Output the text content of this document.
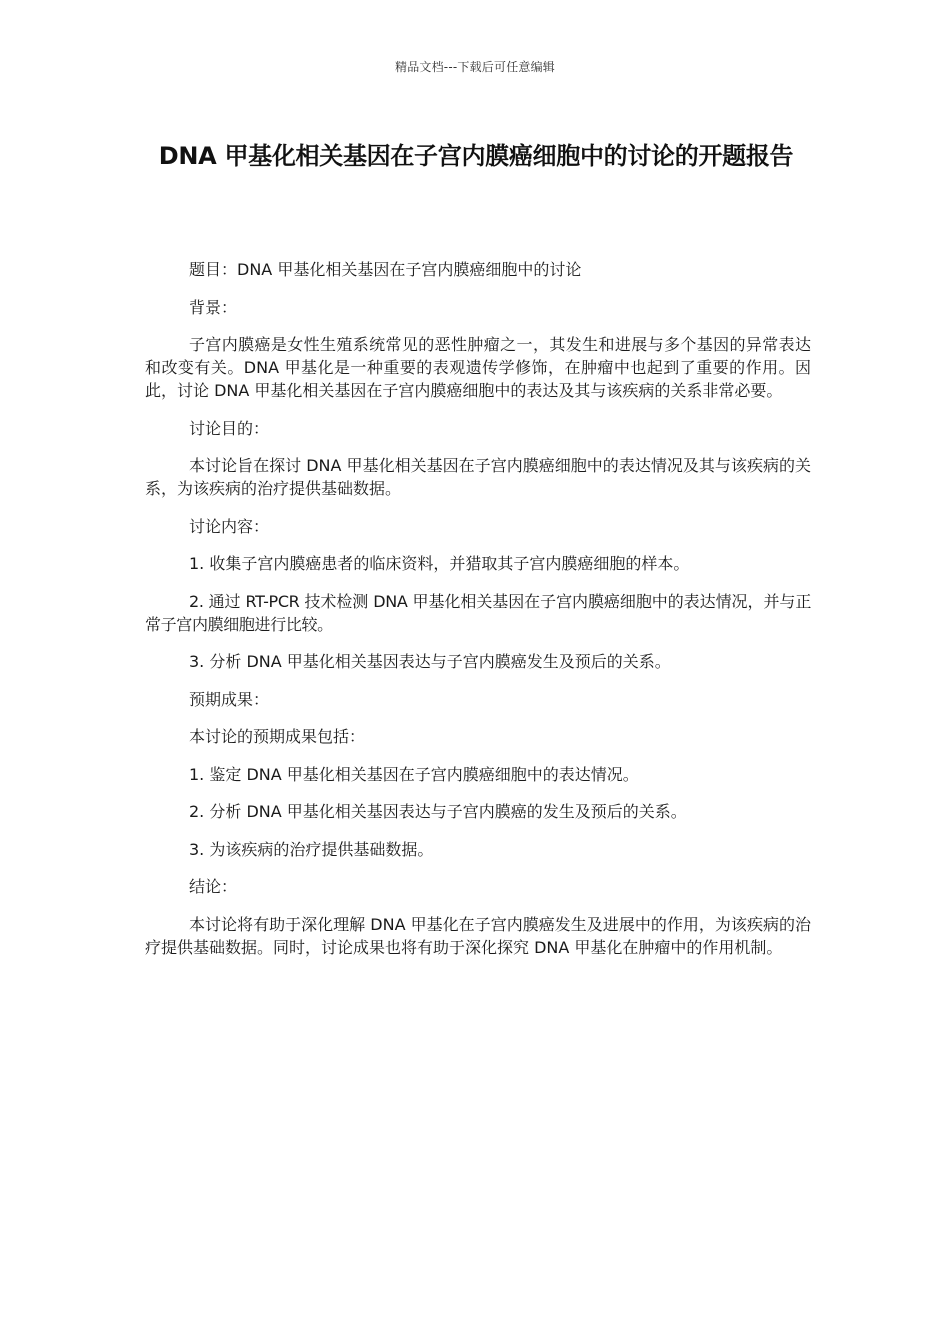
精品文档---下载后可任意编辑
DNA 甲基化相关基因在子宫内膜癌细胞中的讨论的开题报告

题目：DNA 甲基化相关基因在子宫内膜癌细胞中的讨论

背景：

子宫内膜癌是女性生殖系统常见的恶性肿瘤之一，其发生和进展与多个基因的异常表达和改变有关。DNA 甲基化是一种重要的表观遗传学修饰，在肿瘤中也起到了重要的作用。因此，讨论 DNA 甲基化相关基因在子宫内膜癌细胞中的表达及其与该疾病的关系非常必要。

讨论目的：

本讨论旨在探讨 DNA 甲基化相关基因在子宫内膜癌细胞中的表达情况及其与该疾病的关系，为该疾病的治疗提供基础数据。

讨论内容：

1. 收集子宫内膜癌患者的临床资料，并猎取其子宫内膜癌细胞的样本。

2. 通过 RT-PCR 技术检测 DNA 甲基化相关基因在子宫内膜癌细胞中的表达情况，并与正常子宫内膜细胞进行比较。

3. 分析 DNA 甲基化相关基因表达与子宫内膜癌发生及预后的关系。

预期成果：

本讨论的预期成果包括：

1. 鉴定 DNA 甲基化相关基因在子宫内膜癌细胞中的表达情况。

2. 分析 DNA 甲基化相关基因表达与子宫内膜癌的发生及预后的关系。

3. 为该疾病的治疗提供基础数据。

结论：

本讨论将有助于深化理解 DNA 甲基化在子宫内膜癌发生及进展中的作用，为该疾病的治疗提供基础数据。同时，讨论成果也将有助于深化探究 DNA 甲基化在肿瘤中的作用机制。
